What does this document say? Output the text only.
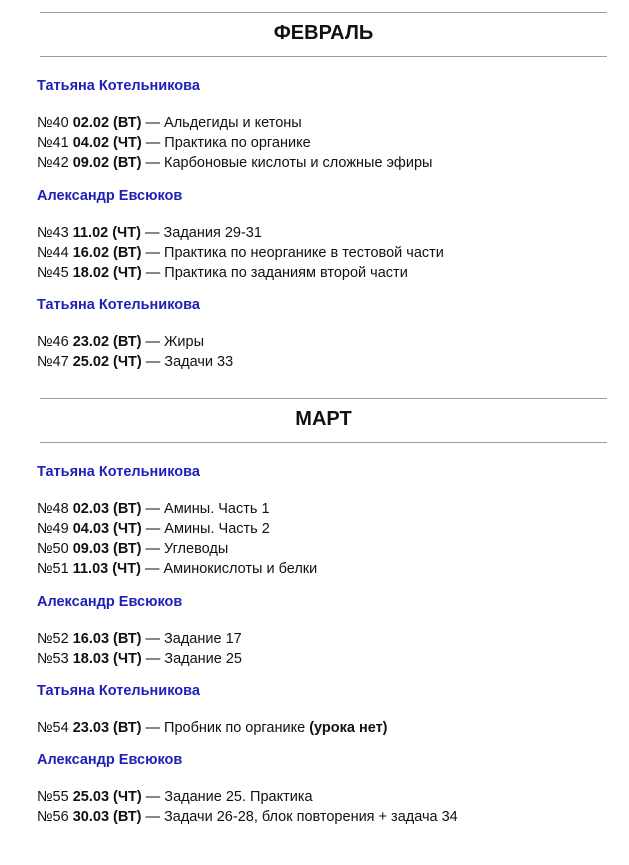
ФЕВРАЛЬ
Татьяна Котельникова
№40 02.02 (ВТ) — Альдегиды и кетоны
№41 04.02 (ЧТ) — Практика по органике
№42 09.02 (ВТ) — Карбоновые кислоты и сложные эфиры
Александр Евсюков
№43 11.02 (ЧТ) — Задания 29-31
№44 16.02 (ВТ) — Практика по неорганике в тестовой части
№45 18.02 (ЧТ) — Практика по заданиям второй части
Татьяна Котельникова
№46 23.02 (ВТ) — Жиры
№47 25.02 (ЧТ) — Задачи 33
МАРТ
Татьяна Котельникова
№48 02.03 (ВТ) — Амины. Часть 1
№49 04.03 (ЧТ) — Амины. Часть 2
№50 09.03 (ВТ) — Углеводы
№51 11.03 (ЧТ) — Аминокислоты и белки
Александр Евсюков
№52 16.03 (ВТ) — Задание 17
№53 18.03 (ЧТ) — Задание 25
Татьяна Котельникова
№54 23.03 (ВТ) — Пробник по органике (урока нет)
Александр Евсюков
№55 25.03 (ЧТ) — Задание 25. Практика
№56 30.03 (ВТ) — Задачи 26-28, блок повторения + задача 34
